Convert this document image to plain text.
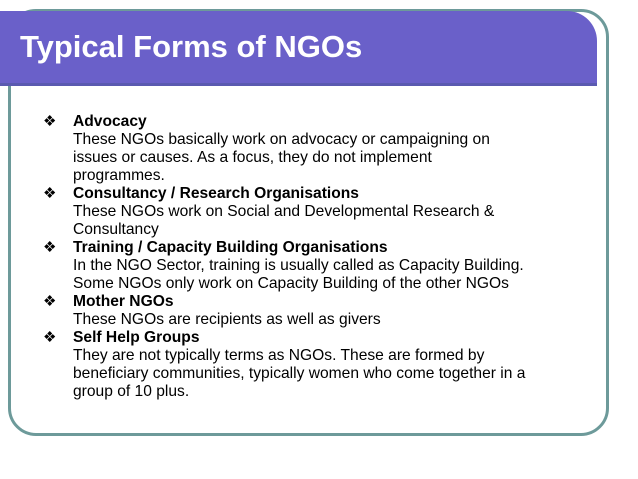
Typical Forms of NGOs
❖ Advocacy
These NGOs basically work on advocacy or campaigning on
issues or causes. As a focus, they do not implement
programmes.
❖ Consultancy / Research Organisations
These NGOs work on Social and Developmental Research &
Consultancy
❖ Training / Capacity Building Organisations
In the NGO Sector, training is usually called as Capacity Building.
Some NGOs only work on Capacity Building of the other NGOs
❖ Mother NGOs
These NGOs are recipients as well as givers
❖ Self Help Groups
They are not typically terms as NGOs. These are formed by
beneficiary communities, typically women who come together in a
group of 10 plus.
